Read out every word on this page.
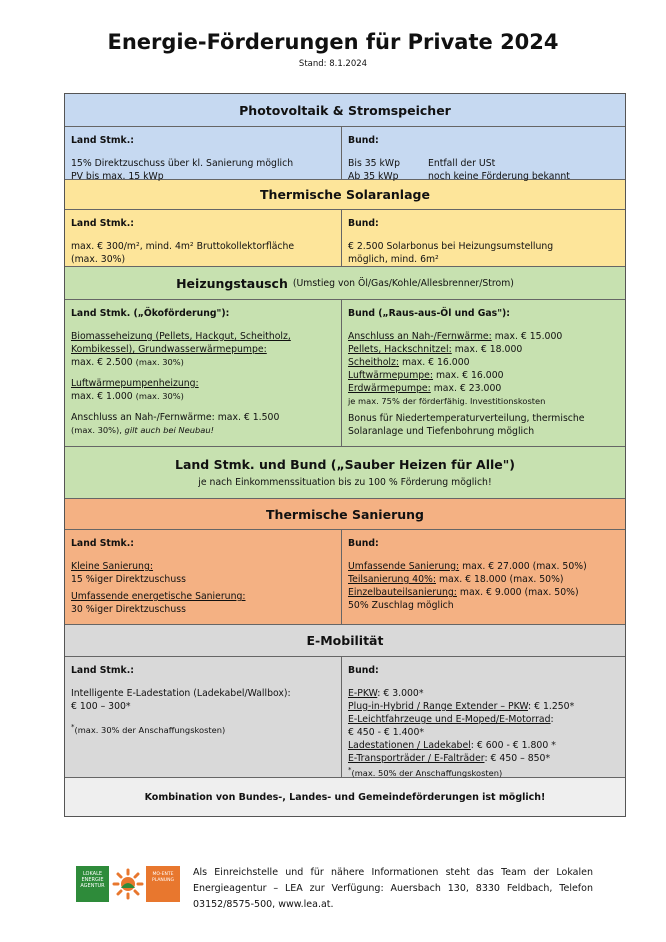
Energie-Förderungen für Private 2024
Stand: 8.1.2024
Photovoltaik & Stromspeicher
Land Stmk.:
15% Direktzuschuss über kl. Sanierung möglich
PV bis max. 15 kWp
Bund:
Bis 35 kWp	Entfall der USt
Ab 35 kWp	noch keine Förderung bekannt
Thermische Solaranlage
Land Stmk.:
max. € 300/m², mind. 4m² Bruttokollektorfläche
(max. 30%)
Bund:
€ 2.500 Solarbonus bei Heizungsumstellung
möglich, mind. 6m²
Heizungstausch (Umstieg von Öl/Gas/Kohle/Allesbrenner/Strom)
Land Stmk. („Ökoförderung"):
Biomasseheizung (Pellets, Hackgut, Scheitholz,
Kombikessel), Grundwasserwärmepumpe:
max. € 2.500 (max. 30%)
Luftwärmepumpenheizung:
max. € 1.000 (max. 30%)
Anschluss an Nah-/Fernwärme: max. € 1.500
(max. 30%), gilt auch bei Neubau!
Bund („Raus-aus-Öl und Gas"):
Anschluss an Nah-/Fernwärme: max. € 15.000
Pellets, Hackschnitzel: max. € 18.000
Scheitholz: max. € 16.000
Luftwärmepumpe: max. € 16.000
Erdwärmepumpe: max. € 23.000
je max. 75% der förderfähig. Investitionskosten
Bonus für Niedertemperaturverteilung, thermische
Solaranlage und Tiefenbohrung möglich
Land Stmk. und Bund („Sauber Heizen für Alle")
je nach Einkommenssituation bis zu 100 % Förderung möglich!
Thermische Sanierung
Land Stmk.:
Kleine Sanierung:
15 %iger Direktzuschuss
Umfassende energetische Sanierung:
30 %iger Direktzuschuss
Bund:
Umfassende Sanierung: max. € 27.000 (max. 50%)
Teilsanierung 40%: max. € 18.000 (max. 50%)
Einzelbauteilsanierung: max. € 9.000 (max. 50%)
50% Zuschlag möglich
E-Mobilität
Land Stmk.:
Intelligente E-Ladestation (Ladekabel/Wallbox):
€ 100 – 300*
*(max. 30% der Anschaffungskosten)
Bund:
E-PKW: € 3.000*
Plug-in-Hybrid / Range Extender – PKW: € 1.250*
E-Leichtfahrzeuge und E-Moped/E-Motorrad:
€ 450 - € 1.400*
Ladestationen / Ladekabel: € 600 - € 1.800 *
E-Transporträder / E-Falträder: € 450 – 850*
*(max. 50% der Anschaffungskosten)
Kombination von Bundes-, Landes- und Gemeindeförderungen ist möglich!
LOKALE ENERGIE AGENTUR
MO-ENTE PLANUNG
Als Einreichstelle und für nähere Informationen steht das Team der Lokalen Energieagentur – LEA zur Verfügung: Auersbach 130, 8330 Feldbach, Telefon 03152/8575-500, www.lea.at.
